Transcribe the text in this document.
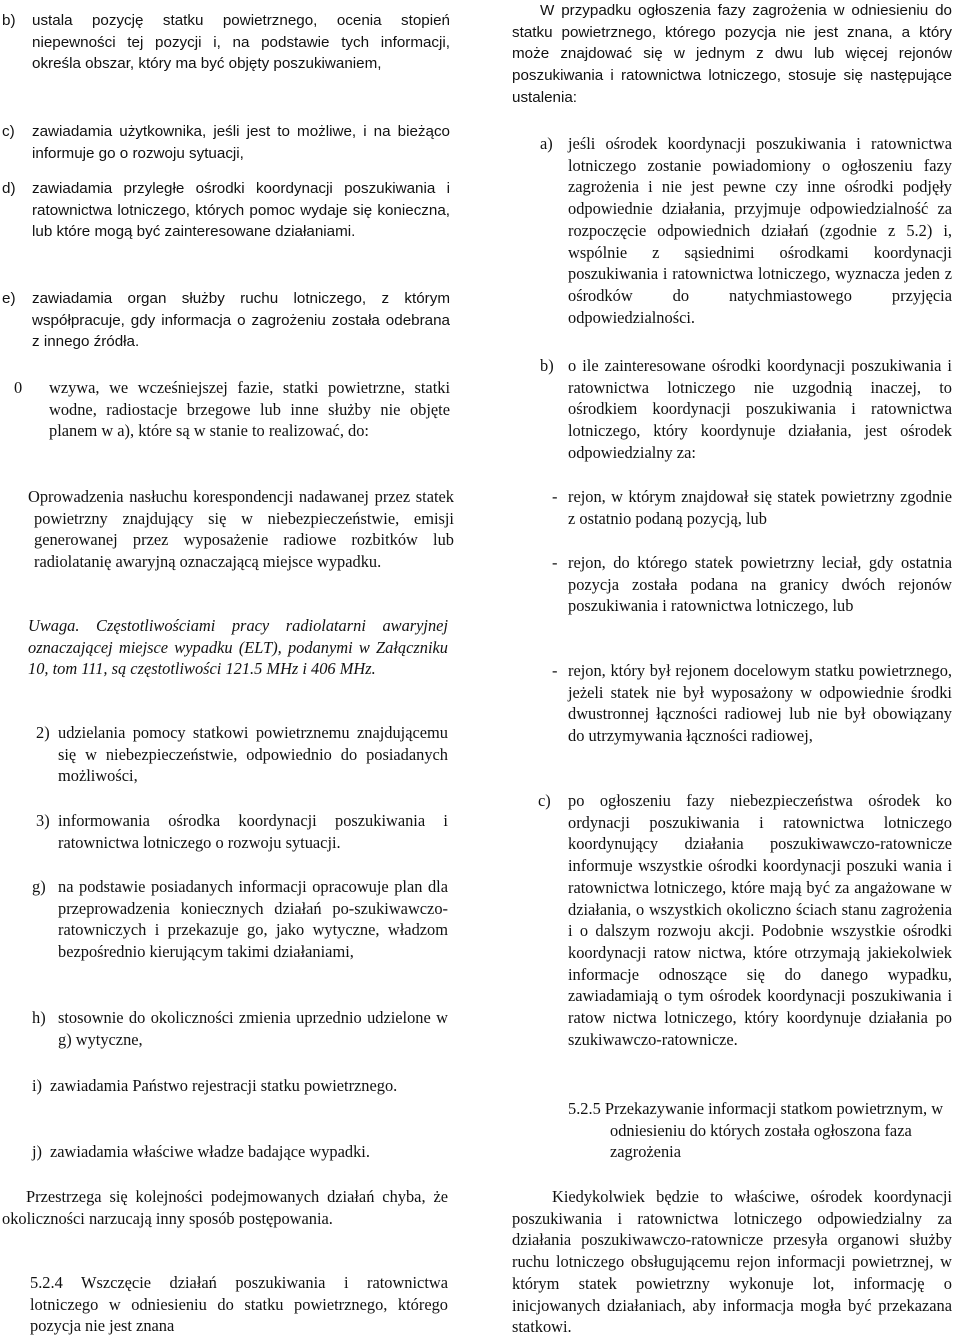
b)	ustala pozycję statku powietrznego, ocenia stopień niepewności tej pozycji i, na podstawie tych informacji, określa obszar, który ma być objęty poszukiwaniem,
c)	zawiadamia użytkownika, jeśli jest to możliwe, i na bieżąco informuje go o rozwoju sytuacji,
d)	zawiadamia przyległe ośrodki koordynacji poszukiwania i ratownictwa lotniczego, których pomoc wydaje się konieczna, lub które mogą być zainteresowane działaniami.
e)	zawiadamia organ służby ruchu lotniczego, z którym współpracuje, gdy informacja o zagrożeniu została odebrana z innego źródła.
0	wzywa, we wcześniejszej fazie, statki powietrzne, statki wodne, radiostacje brzegowe lub inne służby nie objęte planem w a), które są w stanie to realizować, do:
Oprowadzenia nasłuchu korespondencji nadawanej przez statek powietrzny znajdujący się w niebezpieczeństwie, emisji generowanej przez wyposażenie radiowe rozbitków lub radiolatanię awaryjną oznaczającą miejsce wypadku.
Uwaga. Częstotliwościami pracy radiolatarni awaryjnej oznaczającej miejsce wypadku (ELT), podanymi w Załączniku 10, tom 111, są częstotliwości 121.5 MHz i 406 MHz.
2) udzielania pomocy statkowi powietrznemu znajdującemu się w niebezpieczeństwie, odpowiednio do posiadanych możliwości,
3) informowania ośrodka koordynacji poszukiwania i ratownictwa lotniczego o rozwoju sytuacji.
g) na podstawie posiadanych informacji opracowuje plan dla przeprowadzenia koniecznych działań po-szukiwawczo-ratowniczych i przekazuje go, jako wytyczne, władzom bezpośrednio kierującym takimi działaniami,
h) stosownie do okoliczności zmienia uprzednio udzielone w g) wytyczne,
i) zawiadamia Państwo rejestracji statku powietrznego.
j) zawiadamia właściwe władze badające wypadki.
Przestrzega się kolejności podejmowanych działań chyba, że okoliczności narzucają inny sposób postępowania.
5.2.4 Wszczęcie działań poszukiwania i ratownictwa lotniczego w odniesieniu do statku powietrznego, którego pozycja nie jest znana
W przypadku ogłoszenia fazy zagrożenia w odniesieniu do statku powietrznego, którego pozycja nie jest znana, a który może znajdować się w jednym z dwu lub więcej rejonów poszukiwania i ratownictwa lotniczego, stosuje się następujące ustalenia:
a) jeśli ośrodek koordynacji poszukiwania i ratownictwa lotniczego zostanie powiadomiony o ogłoszeniu fazy zagrożenia i nie jest pewne czy inne ośrodki podjęły odpowiednie działania, przyjmuje odpowiedzialność za rozpoczęcie odpowiednich działań (zgodnie z 5.2) i, wspólnie z sąsiednimi ośrodkami koordynacji poszukiwania i ratownictwa lotniczego, wyznacza jeden z ośrodków do natychmiastowego przyjęcia odpowiedzialności.
b) o ile zainteresowane ośrodki koordynacji poszukiwania i ratownictwa lotniczego nie uzgodnią inaczej, to ośrodkiem koordynacji poszukiwania i ratownictwa lotniczego, który koordynuje działania, jest ośrodek odpowiedzialny za:
- rejon, w którym znajdował się statek powietrzny zgodnie z ostatnio podaną pozycją, lub
- rejon, do którego statek powietrzny leciał, gdy ostatnia pozycja została podana na granicy dwóch rejonów poszukiwania i ratownictwa lotniczego, lub
- rejon, który był rejonem docelowym statku powietrznego, jeżeli statek nie był wyposażony w odpowiednie środki dwustronnej łączności radiowej lub nie był obowiązany do utrzymywania łączności radiowej,
c)	po ogłoszeniu fazy niebezpieczeństwa ośrodek ko ordynacji poszukiwania i ratownictwa lotniczego koordynujący działania poszukiwawczo-ratownicze informuje wszystkie ośrodki koordynacji poszuki wania i ratownictwa lotniczego, które mają być za angażowane w działania, o wszystkich okoliczno ściach stanu zagrożenia i o dalszym rozwoju akcji. Podobnie wszystkie ośrodki koordynacji ratow nictwa, które otrzymają jakiekolwiek informacje odnoszące się do danego wypadku, zawiadamiają o tym ośrodek koordynacji poszukiwania i ratow nictwa lotniczego, który koordynuje działania po szukiwawczo-ratownicze.
5.2.5 Przekazywanie informacji statkom powietrznym, w odniesieniu do których została ogłoszona faza zagrożenia
Kiedykolwiek będzie to właściwe, ośrodek koordynacji poszukiwania i ratownictwa lotniczego odpowiedzialny za działania poszukiwawczo-ratownicze przesyła organowi służby ruchu lotniczego obsługującemu rejon informacji powietrznej, w którym statek powietrzny wykonuje lot, informację o inicjowanych działaniach, aby informacja mogła być przekazana statkowi.
